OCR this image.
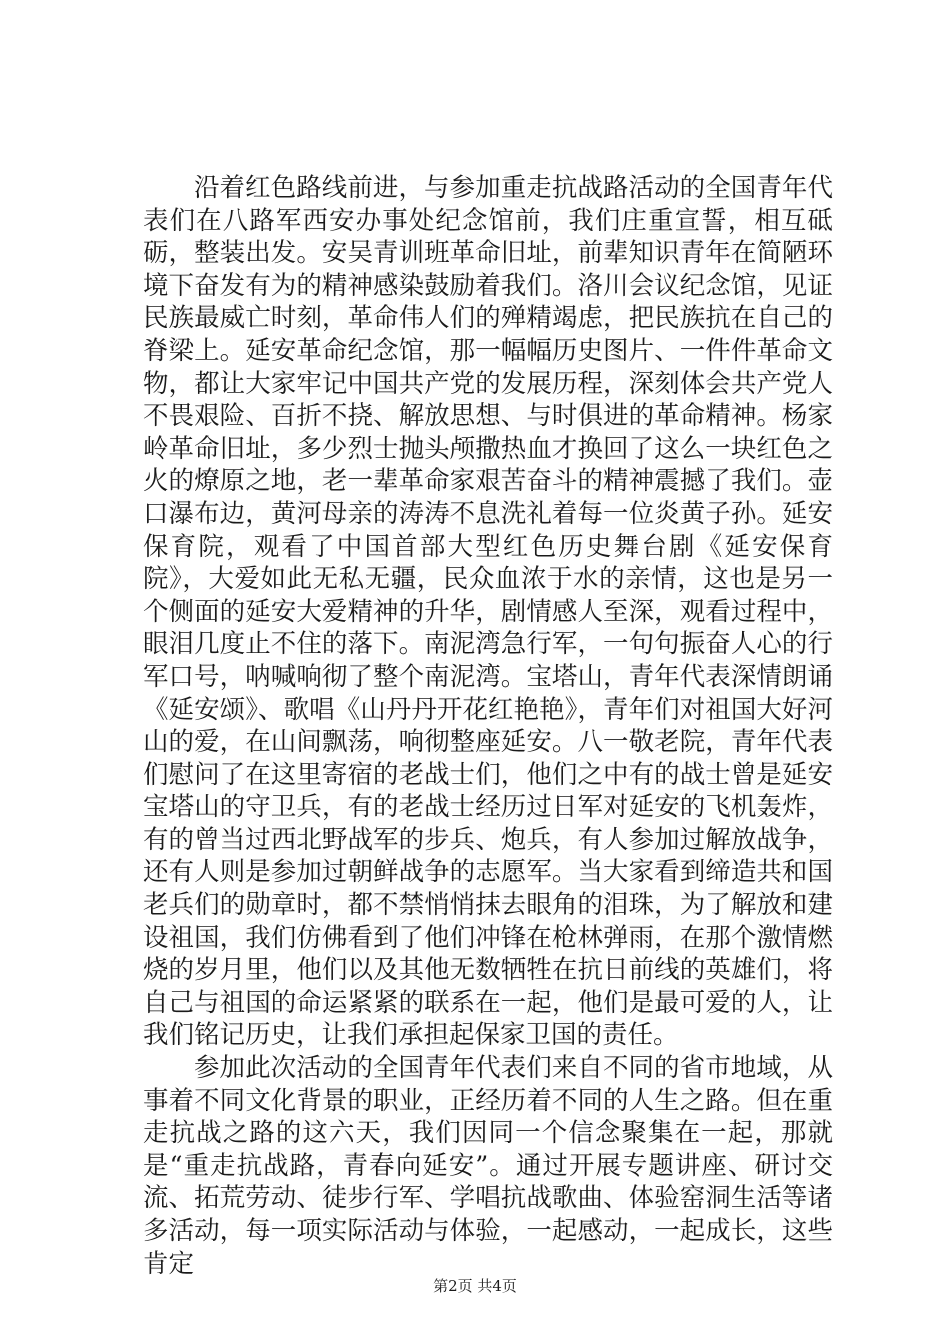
沿着红色路线前进，与参加重走抗战路活动的全国青年代表们在八路军西安办事处纪念馆前，我们庄重宣誓，相互砥砺，整装出发。安吴青训班革命旧址，前辈知识青年在简陋环境下奋发有为的精神感染鼓励着我们。洛川会议纪念馆，见证民族最威亡时刻，革命伟人们的殚精竭虑，把民族抗在自己的脊梁上。延安革命纪念馆，那一幅幅历史图片、一件件革命文物，都让大家牢记中国共产党的发展历程，深刻体会共产党人不畏艰险、百折不挠、解放思想、与时俱进的革命精神。杨家岭革命旧址，多少烈士抛头颅撒热血才换回了这么一块红色之火的燎原之地，老一辈革命家艰苦奋斗的精神震撼了我们。壶口瀑布边，黄河母亲的涛涛不息洗礼着每一位炎黄子孙。延安保育院，观看了中国首部大型红色历史舞台剧《延安保育院》，大爱如此无私无疆，民众血浓于水的亲情，这也是另一个侧面的延安大爱精神的升华，剧情感人至深，观看过程中，眼泪几度止不住的落下。南泥湾急行军，一句句振奋人心的行军口号，呐喊响彻了整个南泥湾。宝塔山，青年代表深情朗诵《延安颂》、歌唱《山丹丹开花红艳艳》，青年们对祖国大好河山的爱，在山间飘荡，响彻整座延安。八一敬老院，青年代表们慰问了在这里寄宿的老战士们，他们之中有的战士曾是延安宝塔山的守卫兵，有的老战士经历过日军对延安的飞机轰炸，有的曾当过西北野战军的步兵、炮兵，有人参加过解放战争，还有人则是参加过朝鲜战争的志愿军。当大家看到缔造共和国老兵们的勋章时，都不禁悄悄抹去眼角的泪珠，为了解放和建设祖国，我们仿佛看到了他们冲锋在枪林弹雨，在那个激情燃烧的岁月里，他们以及其他无数牺牲在抗日前线的英雄们，将自己与祖国的命运紧紧的联系在一起，他们是最可爱的人，让我们铭记历史，让我们承担起保家卫国的责任。

参加此次活动的全国青年代表们来自不同的省市地域，从事着不同文化背景的职业，正经历着不同的人生之路。但在重走抗战之路的这六天，我们因同一个信念聚集在一起，那就是“重走抗战路，青春向延安”。通过开展专题讲座、研讨交流、拓荒劳动、徒步行军、学唱抗战歌曲、体验窑洞生活等诸多活动，每一项实际活动与体验，一起感动，一起成长，这些肯定

第2页 共4页
